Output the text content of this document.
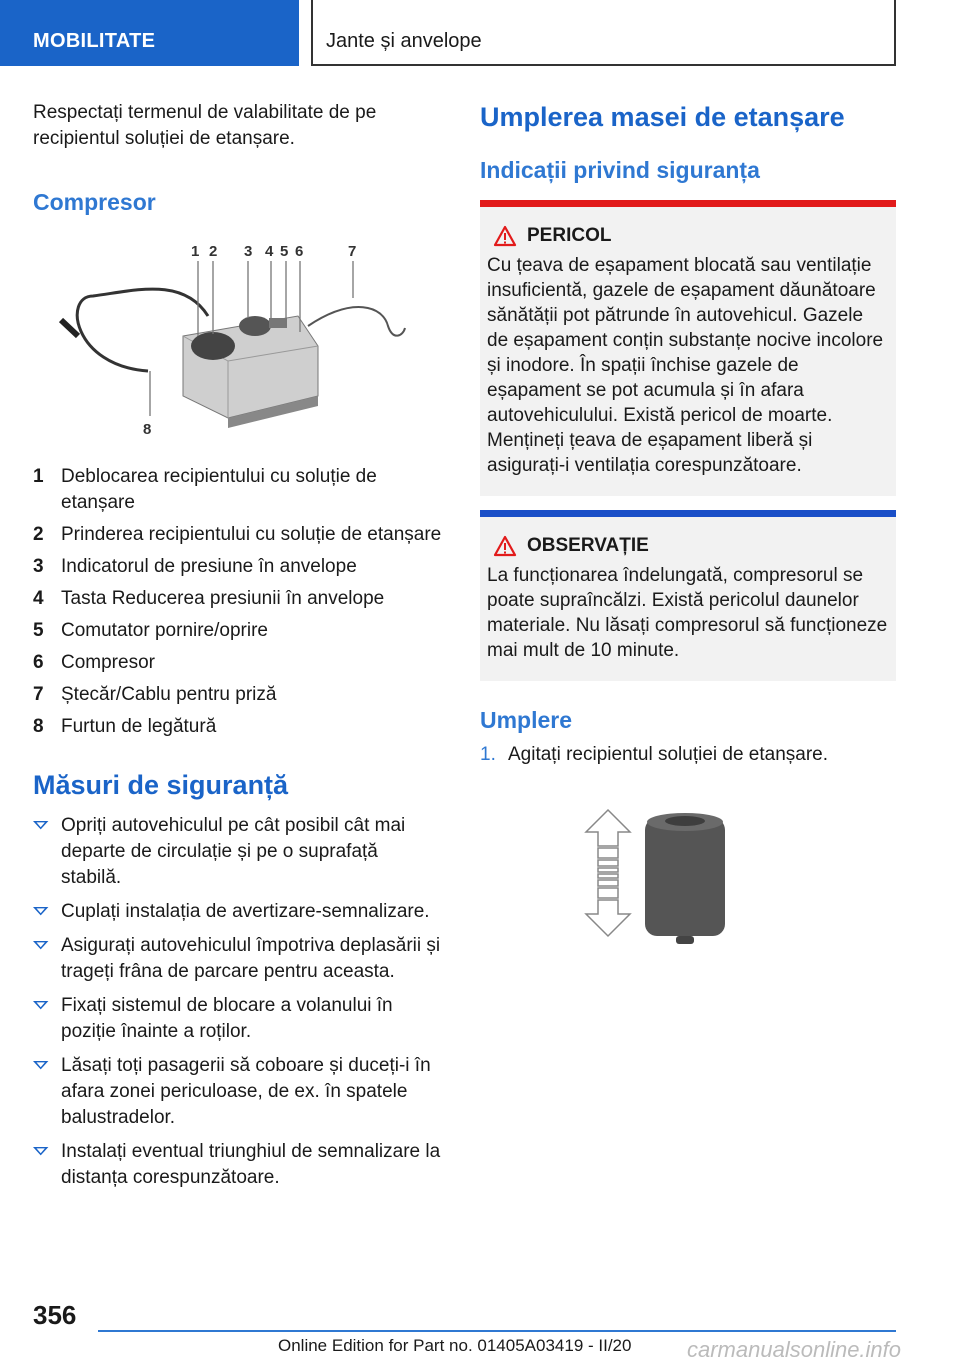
MOBILITATE	Jante și anvelope

Respectați termenul de valabilitate de pe recipientul soluției de etanșare.

Compresor
1 2 3 4 5 6	7
8
1 Deblocarea recipientului cu soluție de etanșare
2 Prinderea recipientului cu soluție de etanșare
3 Indicatorul de presiune în anvelope
4 Tasta Reducerea presiunii în anvelope
5 Comutator pornire/oprire
6 Compresor
7 Ștecăr/Cablu pentru priză
8 Furtun de legătură
Măsuri de siguranță
Opriți autovehiculul pe cât posibil cât mai departe de circulație și pe o suprafață stabilă.
Cuplați instalația de avertizare-semnalizare.
Asigurați autovehiculul împotriva deplasării și trageți frâna de parcare pentru aceasta.
Fixați sistemul de blocare a volanului în poziție înainte a roților.
Lăsați toți pasagerii să coboare și duceți-i în afara zonei periculoase, de ex. în spatele balustradelor.
Instalați eventual triunghiul de semnalizare la distanța corespunzătoare.
Umplerea masei de etanșare
Indicații privind siguranța
PERICOL

Cu țeava de eșapament blocată sau ventilație insuficientă, gazele de eșapament dăunătoare sănătății pot pătrunde în autovehicul. Gazele de eșapament conțin substanțe nocive incolore și inodore. În spații închise gazele de eșapament se pot acumula și în afara autovehiculului. Există pericol de moarte. Mențineți țeava de eșapament liberă și asigurați-i ventilația corespunzătoare.

OBSERVAȚIE

La funcționarea îndelungată, compresorul se poate supraîncălzi. Există pericolul daunelor materiale. Nu lăsați compresorul să funcționeze mai mult de 10 minute.

Umplere
1. Agitați recipientul soluției de etanșare.
356
Online Edition for Part no. 01405A03419 - II/20	carmanualsonline.info
